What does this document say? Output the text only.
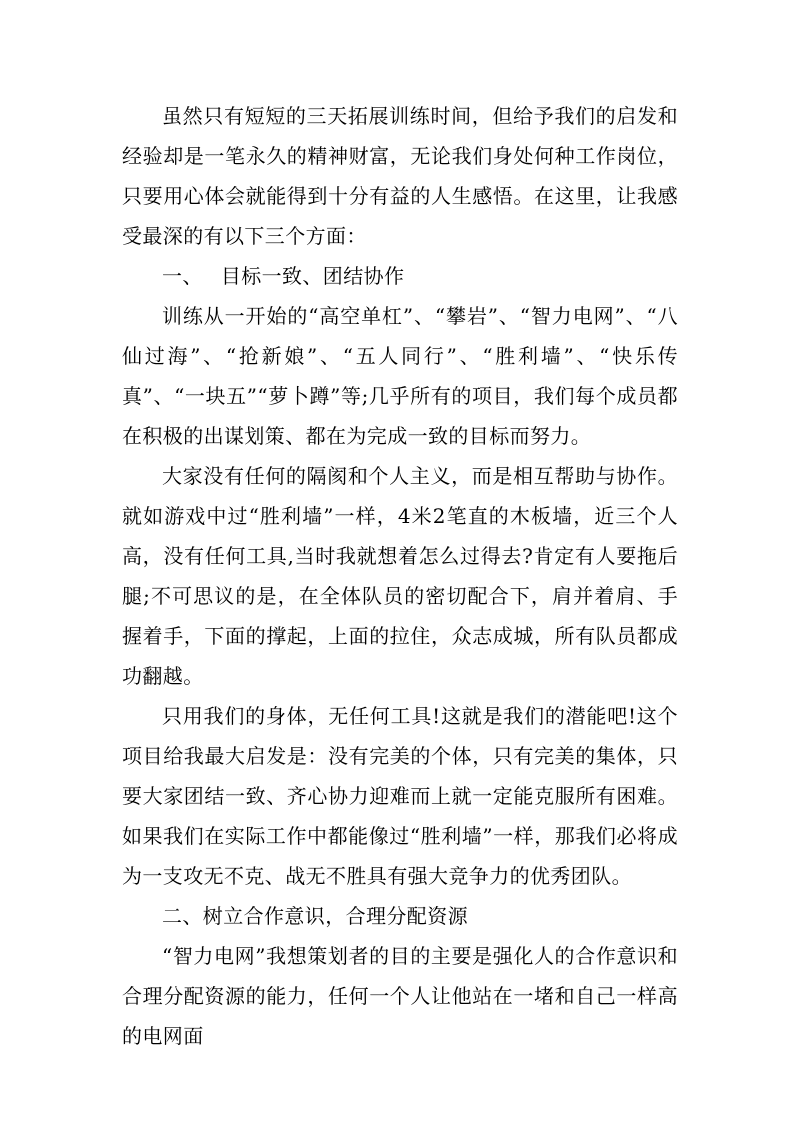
虽然只有短短的三天拓展训练时间，但给予我们的启发和经验却是一笔永久的精神财富，无论我们身处何种工作岗位，只要用心体会就能得到十分有益的人生感悟。在这里，让我感受最深的有以下三个方面：

一、 目标一致、团结协作

训练从一开始的“高空单杠”、“攀岩”、“智力电网”、“八仙过海”、“抢新娘”、“五人同行”、“胜利墙”、“快乐传真”、“一块五”“萝卜蹲”等;几乎所有的项目，我们每个成员都在积极的出谋划策、都在为完成一致的目标而努力。

大家没有任何的隔阂和个人主义，而是相互帮助与协作。就如游戏中过“胜利墙”一样，4米2笔直的木板墙，近三个人高，没有任何工具,当时我就想着怎么过得去?肯定有人要拖后腿;不可思议的是，在全体队员的密切配合下，肩并着肩、手握着手，下面的撑起，上面的拉住，众志成城，所有队员都成功翻越。

只用我们的身体，无任何工具!这就是我们的潜能吧!这个项目给我最大启发是：没有完美的个体，只有完美的集体，只要大家团结一致、齐心协力迎难而上就一定能克服所有困难。如果我们在实际工作中都能像过“胜利墙”一样，那我们必将成为一支攻无不克、战无不胜具有强大竞争力的优秀团队。

二、树立合作意识，合理分配资源

“智力电网”我想策划者的目的主要是强化人的合作意识和合理分配资源的能力，任何一个人让他站在一堵和自己一样高的电网面
